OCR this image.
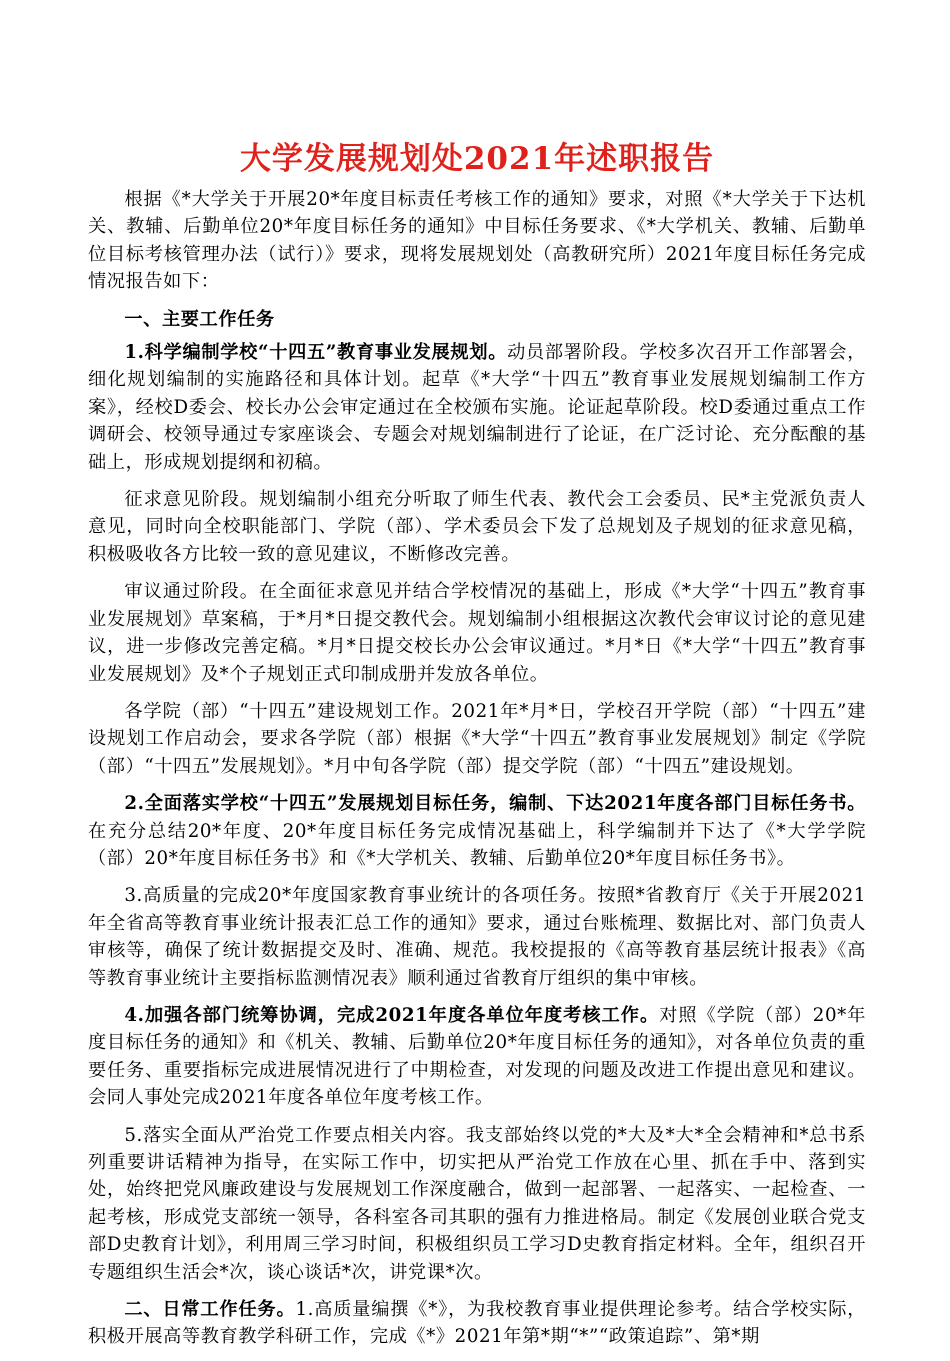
大学发展规划处2021年述职报告

根据《*大学关于开展20*年度目标责任考核工作的通知》要求，对照《*大学关于下达机关、教辅、后勤单位20*年度目标任务的通知》中目标任务要求、《*大学机关、教辅、后勤单位目标考核管理办法（试行）》要求，现将发展规划处（高教研究所）2021年度目标任务完成情况报告如下：

一、主要工作任务

1.科学编制学校“十四五”教育事业发展规划。动员部署阶段。学校多次召开工作部署会，细化规划编制的实施路径和具体计划。起草《*大学“十四五”教育事业发展规划编制工作方案》，经校D委会、校长办公会审定通过在全校颁布实施。论证起草阶段。校D委通过重点工作调研会、校领导通过专家座谈会、专题会对规划编制进行了论证，在广泛讨论、充分酝酿的基础上，形成规划提纲和初稿。

征求意见阶段。规划编制小组充分听取了师生代表、教代会工会委员、民*主党派负责人意见，同时向全校职能部门、学院（部）、学术委员会下发了总规划及子规划的征求意见稿，积极吸收各方比较一致的意见建议，不断修改完善。

审议通过阶段。在全面征求意见并结合学校情况的基础上，形成《*大学“十四五”教育事业发展规划》草案稿，于*月*日提交教代会。规划编制小组根据这次教代会审议讨论的意见建议，进一步修改完善定稿。*月*日提交校长办公会审议通过。*月*日《*大学“十四五”教育事业发展规划》及*个子规划正式印制成册并发放各单位。

各学院（部）“十四五”建设规划工作。2021年*月*日，学校召开学院（部）“十四五”建设规划工作启动会，要求各学院（部）根据《*大学“十四五”教育事业发展规划》制定《学院（部）“十四五”发展规划》。*月中旬各学院（部）提交学院（部）“十四五”建设规划。

2.全面落实学校“十四五”发展规划目标任务，编制、下达2021年度各部门目标任务书。在充分总结20*年度、20*年度目标任务完成情况基础上，科学编制并下达了《*大学学院（部）20*年度目标任务书》和《*大学机关、教辅、后勤单位20*年度目标任务书》。

3.高质量的完成20*年度国家教育事业统计的各项任务。按照*省教育厅《关于开展2021年全省高等教育事业统计报表汇总工作的通知》要求，通过台账梳理、数据比对、部门负责人审核等，确保了统计数据提交及时、准确、规范。我校提报的《高等教育基层统计报表》《高等教育事业统计主要指标监测情况表》顺利通过省教育厅组织的集中审核。

4.加强各部门统筹协调，完成2021年度各单位年度考核工作。对照《学院（部）20*年度目标任务的通知》和《机关、教辅、后勤单位20*年度目标任务的通知》，对各单位负责的重要任务、重要指标完成进展情况进行了中期检查，对发现的问题及改进工作提出意见和建议。会同人事处完成2021年度各单位年度考核工作。

5.落实全面从严治党工作要点相关内容。我支部始终以党的*大及*大*全会精神和*总书系列重要讲话精神为指导，在实际工作中，切实把从严治党工作放在心里、抓在手中、落到实处，始终把党风廉政建设与发展规划工作深度融合，做到一起部署、一起落实、一起检查、一起考核，形成党支部统一领导，各科室各司其职的强有力推进格局。制定《发展创业联合党支部D史教育计划》，利用周三学习时间，积极组织员工学习D史教育指定材料。全年，组织召开专题组织生活会*次，谈心谈话*次，讲党课*次。

二、日常工作任务。1.高质量编撰《*》，为我校教育事业提供理论参考。结合学校实际，积极开展高等教育教学科研工作，完成《*》2021年第*期“*”“政策追踪”、第*期
